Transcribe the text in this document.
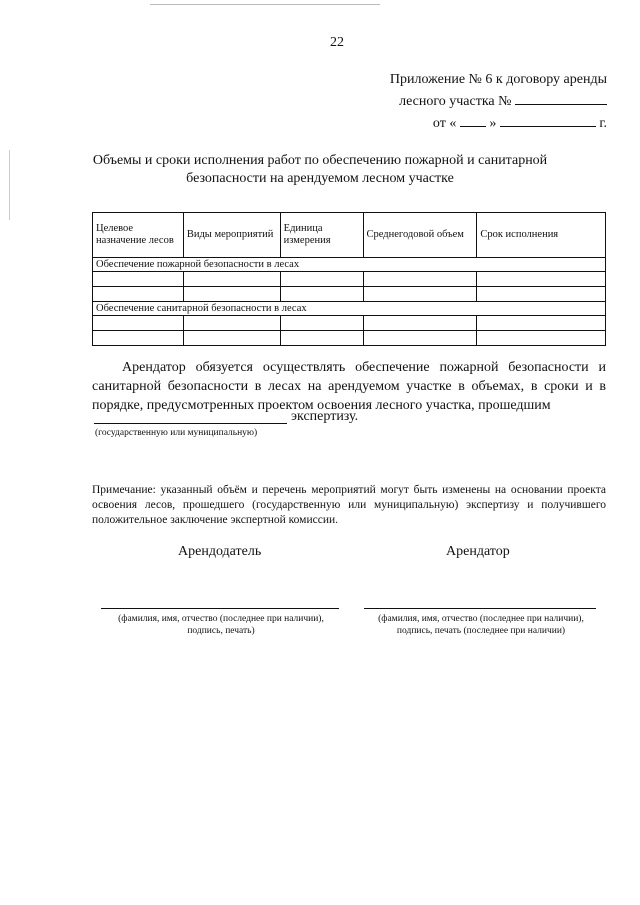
22
Приложение № 6 к договору аренды
лесного участка №
от « »	г.
Объемы и сроки исполнения работ по обеспечению пожарной и санитарной
безопасности на арендуемом лесном участке
Целевое назначение лесов	Виды мероприятий	Единица измерения	Среднегодовой объем	Срок исполнения
Обеспечение пожарной безопасности в лесах				

Обеспечение санитарной безопасности в лесах				

Арендатор обязуется осуществлять обеспечение пожарной безопасности и санитарной безопасности в лесах на арендуемом участке в объемах, в сроки и в порядке, предусмотренных проектом освоения лесного участка, прошедшим

экспертизу.
(государственную или муниципальную)

Примечание: указанный объём и перечень мероприятий могут быть изменены на основании проекта освоения лесов, прошедшего (государственную или муниципальную) экспертизу и получившего положительное заключение экспертной комиссии.

Арендодатель	Арендатор
(фамилия, имя, отчество (последнее при наличии),
подпись, печать)
(фамилия, имя, отчество (последнее при наличии),
подпись, печать (последнее при наличии)
